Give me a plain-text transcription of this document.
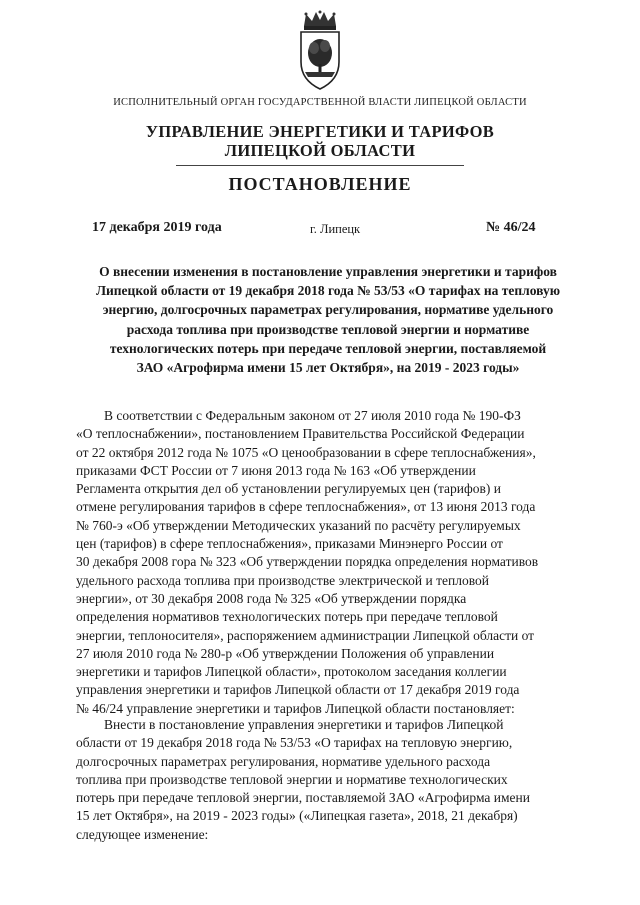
ИСПОЛНИТЕЛЬНЫЙ ОРГАН ГОСУДАРСТВЕННОЙ ВЛАСТИ ЛИПЕЦКОЙ ОБЛАСТИ
УПРАВЛЕНИЕ ЭНЕРГЕТИКИ И ТАРИФОВ
ЛИПЕЦКОЙ ОБЛАСТИ
ПОСТАНОВЛЕНИЕ
17 декабря 2019 года	г. Липецк	№ 46/24
О внесении изменения в постановление управления энергетики и тарифов
Липецкой области от 19 декабря 2018 года № 53/53 «О тарифах на тепловую
энергию, долгосрочных параметрах регулирования, нормативе удельного
расхода топлива при производстве тепловой энергии и нормативе
технологических потерь при передаче тепловой энергии, поставляемой
ЗАО «Агрофирма имени 15 лет Октября», на 2019 - 2023 годы»
В соответствии с Федеральным законом от 27 июля 2010 года № 190-ФЗ
«О теплоснабжении», постановлением Правительства Российской Федерации
от 22 октября 2012 года № 1075 «О ценообразовании в сфере теплоснабжения»,
приказами ФСТ России от 7 июня 2013 года № 163 «Об утверждении
Регламента открытия дел об установлении регулируемых цен (тарифов) и
отмене регулирования тарифов в сфере теплоснабжения», от 13 июня 2013 года
№ 760-э «Об утверждении Методических указаний по расчёту регулируемых
цен (тарифов) в сфере теплоснабжения», приказами Минэнерго России от
30 декабря 2008 гора № 323 «Об утверждении порядка определения нормативов
удельного расхода топлива при производстве электрической и тепловой
энергии», от 30 декабря 2008 года № 325 «Об утверждении порядка
определения нормативов технологических потерь при передаче тепловой
энергии, теплоносителя», распоряжением администрации Липецкой области от
27 июля 2010 года № 280-р «Об утверждении Положения об управлении
энергетики и тарифов Липецкой области», протоколом заседания коллегии
управления энергетики и тарифов Липецкой области от 17 декабря 2019 года
№ 46/24 управление энергетики и тарифов Липецкой области постановляет:
Внести в постановление управления энергетики и тарифов Липецкой
области от 19 декабря 2018 года № 53/53 «О тарифах на тепловую энергию,
долгосрочных параметрах регулирования, нормативе удельного расхода
топлива при производстве тепловой энергии и нормативе технологических
потерь при передаче тепловой энергии, поставляемой ЗАО «Агрофирма имени
15 лет Октября», на 2019 - 2023 годы» («Липецкая газета», 2018, 21 декабря)
следующее изменение:
